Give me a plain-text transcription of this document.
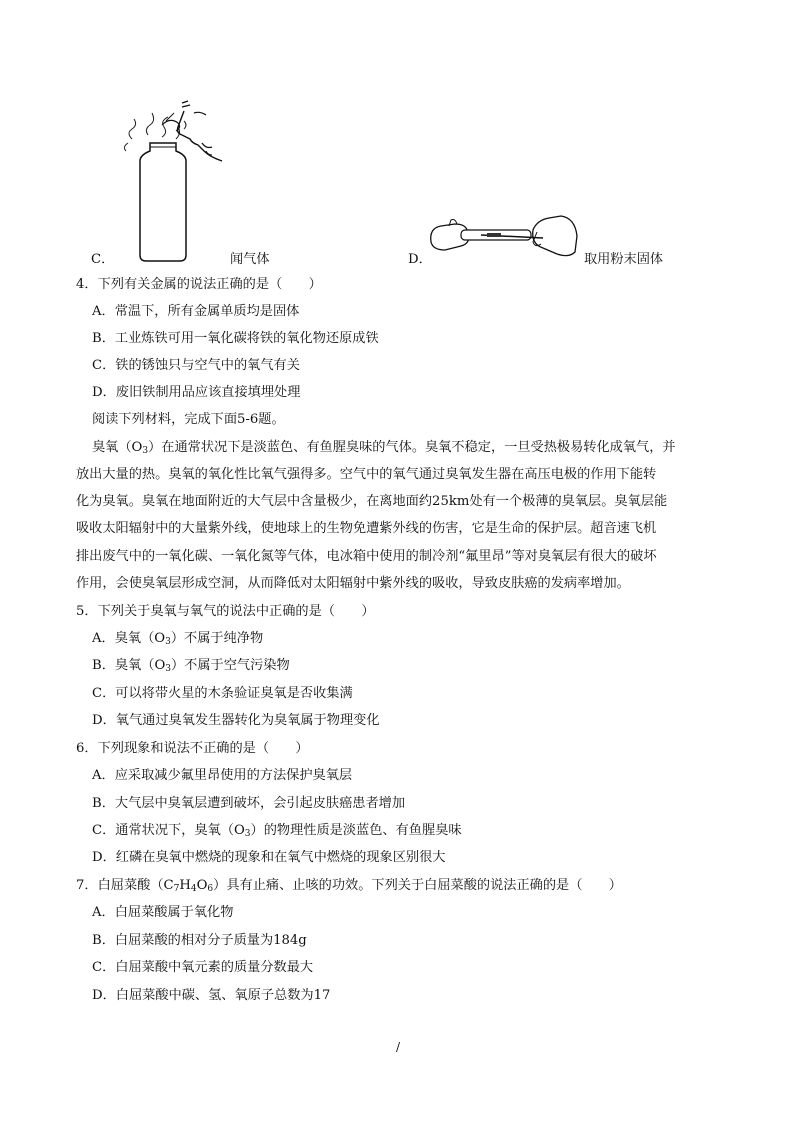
C．	闻气体	D．	取用粉末固体
4．下列有关金属的说法正确的是（　　）
A．常温下，所有金属单质均是固体
B．工业炼铁可用一氧化碳将铁的氧化物还原成铁
C．铁的锈蚀只与空气中的氧气有关
D．废旧铁制用品应该直接填埋处理
阅读下列材料，完成下面5-6题。
臭氧$(O_3)$在通常状况下是淡蓝色、有鱼腥臭味的气体。臭氧不稳定，一旦受热极易转化成氧气，并
放出大量的热。臭氧的氧化性比氧气强得多。空气中的氧气通过臭氧发生器在高压电极的作用下能转
化为臭氧。臭氧在地面附近的大气层中含量极少，在离地面约25km处有一个极薄的臭氧层。臭氧层能
吸收太阳辐射中的大量紫外线，使地球上的生物免遭紫外线的伤害，它是生命的保护层。超音速飞机
排出废气中的一氧化碳、一氧化氮等气体，电冰箱中使用的制冷剂“氟里昂”等对臭氧层有很大的破坏
作用，会使臭氧层形成空洞，从而降低对太阳辐射中紫外线的吸收，导致皮肤癌的发病率增加。
5．下列关于臭氧与氧气的说法中正确的是（　　）
A．臭氧$(O_3)$不属于纯净物
B．臭氧$(O_3)$不属于空气污染物
C．可以将带火星的木条验证臭氧是否收集满
D．氧气通过臭氧发生器转化为臭氧属于物理变化
6．下列现象和说法不正确的是（　　）
A．应采取减少氟里昂使用的方法保护臭氧层
B．大气层中臭氧层遭到破坏，会引起皮肤癌患者增加
C．通常状况下，臭氧$(O_3)$的物理性质是淡蓝色、有鱼腥臭味
D．红磷在臭氧中燃烧的现象和在氧气中燃烧的现象区别很大
7．白屈菜酸$(C_7H_4O_6)$具有止痛、止咳的功效。下列关于白屈菜酸的说法正确的是（　　）
A．白屈菜酸属于氧化物
B．白屈菜酸的相对分子质量为184g
C．白屈菜酸中氧元素的质量分数最大
D．白屈菜酸中碳、氢、氧原子总数为17
/
